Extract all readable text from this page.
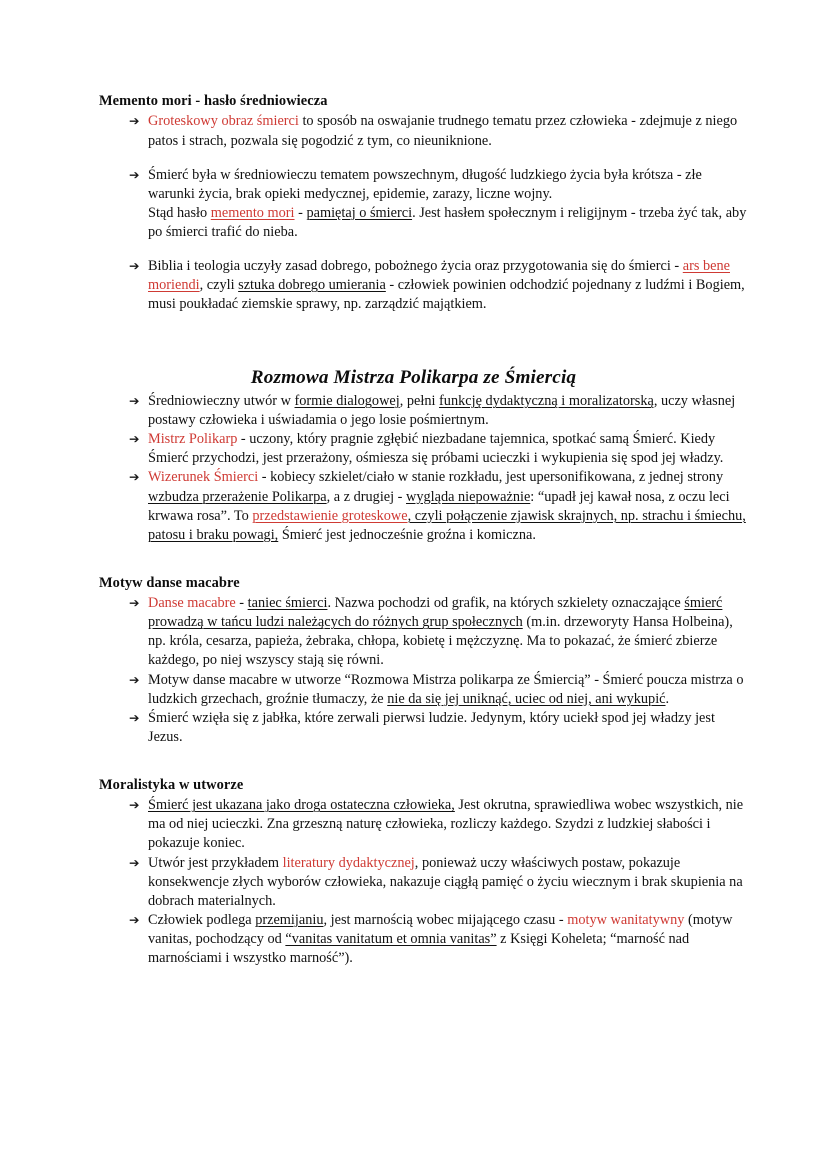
Memento mori - hasło średniowiecza
➔ Groteskowy obraz śmierci to sposób na oswajanie trudnego tematu przez człowieka - zdejmuje z niego patos i strach, pozwala się pogodzić z tym, co nieuniknione.
➔ Śmierć była w średniowieczu tematem powszechnym, długość ludzkiego życia była krótsza - złe warunki życia, brak opieki medycznej, epidemie, zarazy, liczne wojny.
Stąd hasło memento mori - pamiętaj o śmierci. Jest hasłem społecznym i religijnym - trzeba żyć tak, aby po śmierci trafić do nieba.
➔ Biblia i teologia uczyły zasad dobrego, pobożnego życia oraz przygotowania się do śmierci - ars bene moriendi, czyli sztuka dobrego umierania - człowiek powinien odchodzić pojednany z ludźmi i Bogiem, musi poukładać ziemskie sprawy, np. zarządzić majątkiem.
Rozmowa Mistrza Polikarpa ze Śmiercią
➔ Średniowieczny utwór w formie dialogowej, pełni funkcję dydaktyczną i moralizatorską, uczy własnej postawy człowieka i uświadamia o jego losie pośmiertnym.
➔ Mistrz Polikarp - uczony, który pragnie zgłębić niezbadane tajemnica, spotkać samą Śmierć. Kiedy Śmierć przychodzi, jest przerażony, ośmiesza się próbami ucieczki i wykupienia się spod jej władzy.
➔ Wizerunek Śmierci - kobiecy szkielet/ciało w stanie rozkładu, jest upersonifikowana, z jednej strony wzbudza przerażenie Polikarpa, a z drugiej - wygląda niepoważnie: “upadł jej kawał nosa, z oczu leci krwawa rosa”. To przedstawienie groteskowe, czyli połączenie zjawisk skrajnych, np. strachu i śmiechu, patosu i braku powagi, Śmierć jest jednocześnie groźna i komiczna.
Motyw danse macabre
➔ Danse macabre - taniec śmierci. Nazwa pochodzi od grafik, na których szkielety oznaczające śmierć prowadzą w tańcu ludzi należących do różnych grup społecznych (m.in. drzeworyty Hansa Holbeina), np. króla, cesarza, papieża, żebraka, chłopa, kobietę i mężczyznę. Ma to pokazać, że śmierć zbierze każdego, po niej wszyscy stają się równi.
➔ Motyw danse macabre w utworze “Rozmowa Mistrza polikarpa ze Śmiercią” - Śmierć poucza mistrza o ludzkich grzechach, groźnie tłumaczy, że nie da się jej uniknąć, uciec od niej, ani wykupić.
➔ Śmierć wzięła się z jabłka, które zerwali pierwsi ludzie. Jedynym, który uciekł spod jej władzy jest Jezus.
Moralistyka w utworze
➔ Śmierć jest ukazana jako droga ostateczna człowieka, Jest okrutna, sprawiedliwa wobec wszystkich, nie ma od niej ucieczki. Zna grzeszną naturę człowieka, rozliczy każdego. Szydzi z ludzkiej słabości i pokazuje koniec.
➔ Utwór jest przykładem literatury dydaktycznej, ponieważ uczy właściwych postaw, pokazuje konsekwencje złych wyborów człowieka, nakazuje ciągłą pamięć o życiu wiecznym i brak skupienia na dobrach materialnych.
➔ Człowiek podlega przemijaniu, jest marnością wobec mijającego czasu - motyw wanitatywny (motyw vanitas, pochodzący od “vanitas vanitatum et omnia vanitas” z Księgi Koheleta; “marność nad marnościami i wszystko marność”).
